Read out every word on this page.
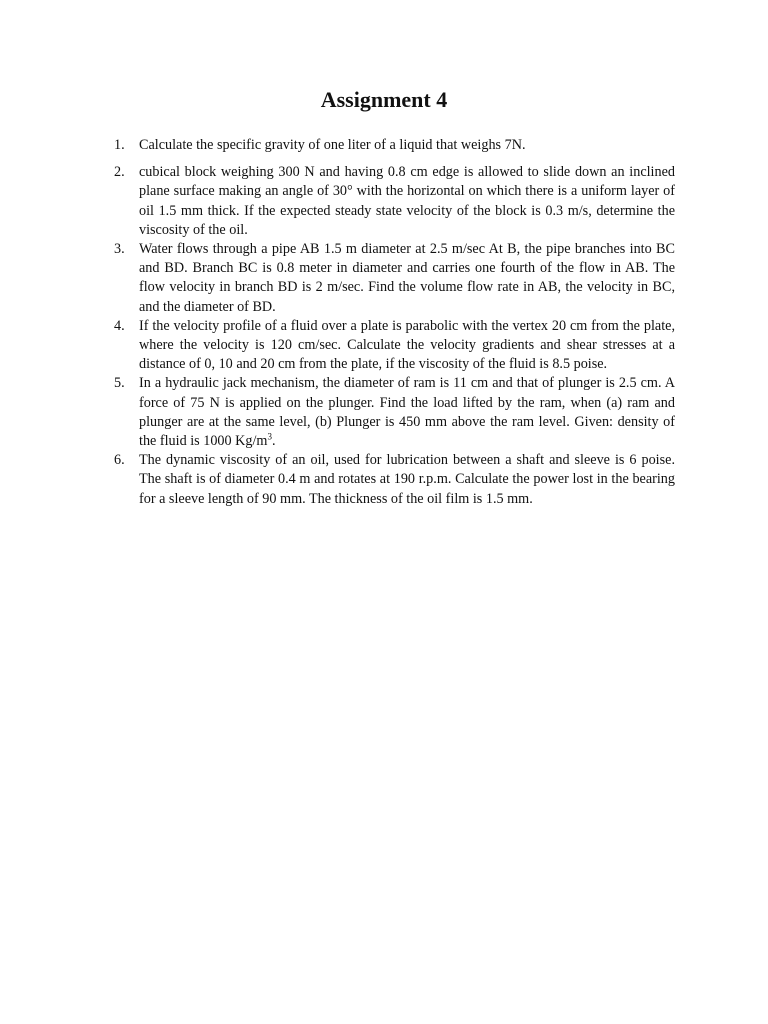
Assignment 4
1.	Calculate the specific gravity of one liter of a liquid that weighs 7N.
2.	cubical block weighing 300 N and having 0.8 cm edge is allowed to slide down an inclined plane surface making an angle of 30° with the horizontal on which there is a uniform layer of oil 1.5 mm thick. If the expected steady state velocity of the block is 0.3 m/s, determine the viscosity of the oil.
3.	Water flows through a pipe AB 1.5 m diameter at 2.5 m/sec At B, the pipe branches into BC and BD. Branch BC is 0.8 meter in diameter and carries one fourth of the flow in AB. The flow velocity in branch BD is 2 m/sec. Find the volume flow rate in AB, the velocity in BC, and the diameter of BD.
4.	If the velocity profile of a fluid over a plate is parabolic with the vertex 20 cm from the plate, where the velocity is 120 cm/sec. Calculate the velocity gradients and shear stresses at a distance of 0, 10 and 20 cm from the plate, if the viscosity of the fluid is 8.5 poise.
5.	In a hydraulic jack mechanism, the diameter of ram is 11 cm and that of plunger is 2.5 cm. A force of 75 N is applied on the plunger. Find the load lifted by the ram, when (a) ram and plunger are at the same level, (b) Plunger is 450 mm above the ram level. Given: density of the fluid is 1000 $Kg/m^3$.
6.	The dynamic viscosity of an oil, used for lubrication between a shaft and sleeve is 6 poise. The shaft is of diameter 0.4 m and rotates at 190 r.p.m. Calculate the power lost in the bearing for a sleeve length of 90 mm. The thickness of the oil film is 1.5 mm.
